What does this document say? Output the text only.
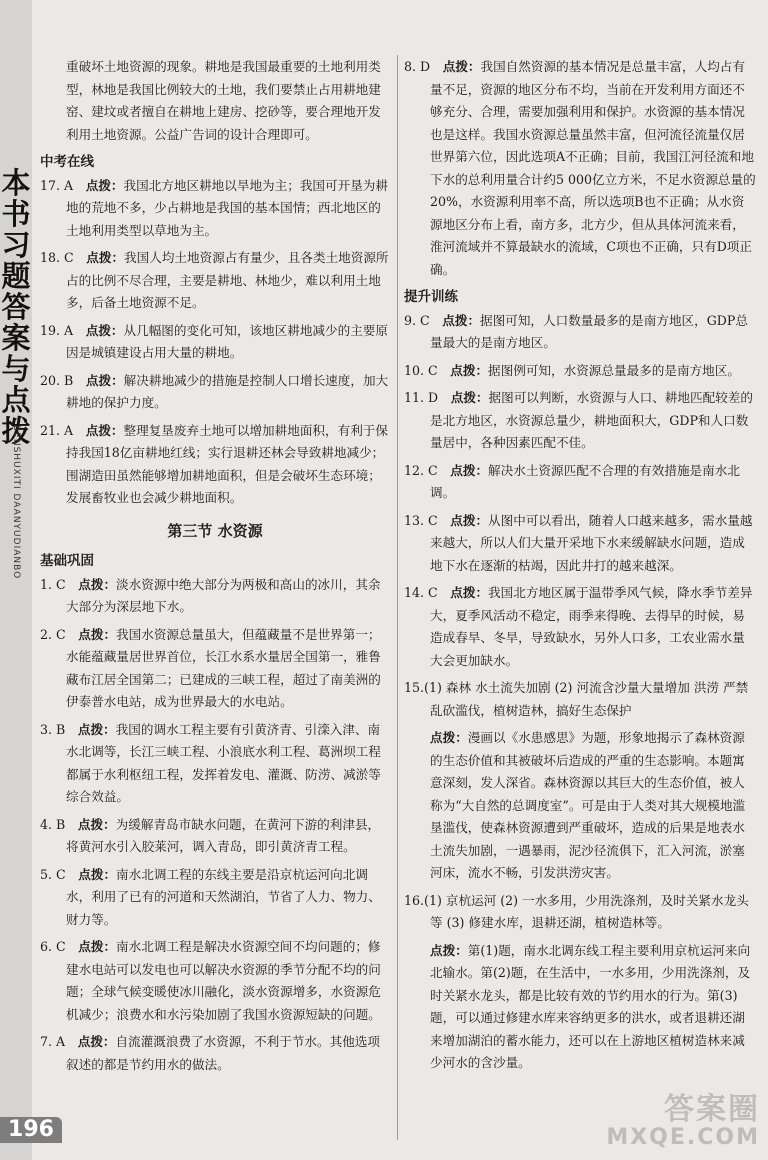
本
书
习
题
答
案
与
点
拨
BENSHUXITI DAANYUDIANBO
196

重破坏土地资源的现象。耕地是我国最重要的土地利用类型，林地是我国比例较大的土地，我们要禁止占用耕地建窑、建坟或者擅自在耕地上建房、挖砂等，要合理地开发利用土地资源。公益广告词的设计合理即可。

中考在线

17. A　 点拨：我国北方地区耕地以旱地为主；我国可开垦为耕地的荒地不多，少占耕地是我国的基本国情；西北地区的土地利用类型以草地为主。

18. C　 点拨：我国人均土地资源占有量少，且各类土地资源所占的比例不尽合理，主要是耕地、林地少，难以利用土地多，后备土地资源不足。

19. A　 点拨：从几幅图的变化可知，该地区耕地减少的主要原因是城镇建设占用大量的耕地。

20. B　 点拨：解决耕地减少的措施是控制人口增长速度，加大耕地的保护力度。

21. A　 点拨：整理复垦废弃土地可以增加耕地面积，有利于保持我国18亿亩耕地红线；实行退耕还林会导致耕地减少；围湖造田虽然能够增加耕地面积，但是会破坏生态环境；发展畜牧业也会减少耕地面积。

第三节 水资源
基础巩固

1. C　 点拨：淡水资源中绝大部分为两极和高山的冰川，其余大部分为深层地下水。

2. C　 点拨：我国水资源总量虽大，但蕴藏量不是世界第一；水能蕴藏量居世界首位，长江水系水量居全国第一，雅鲁藏布江居全国第二；已建成的三峡工程，超过了南美洲的伊泰普水电站，成为世界最大的水电站。

3. B　 点拨：我国的调水工程主要有引黄济青、引滦入津、南水北调等，长江三峡工程、小浪底水利工程、葛洲坝工程都属于水利枢纽工程，发挥着发电、灌溉、防涝、减淤等综合效益。

4. B　 点拨：为缓解青岛市缺水问题，在黄河下游的利津县，将黄河水引入胶莱河，调入青岛，即引黄济青工程。

5. C　 点拨：南水北调工程的东线主要是沿京杭运河向北调水，利用了已有的河道和天然湖泊，节省了人力、物力、财力等。

6. C　 点拨：南水北调工程是解决水资源空间不均问题的；修建水电站可以发电也可以解决水资源的季节分配不均的问题；全球气候变暖使冰川融化，淡水资源增多，水资源危机减少；浪费水和水污染加剧了我国水资源短缺的问题。

7. A　 点拨：自流灌溉浪费了水资源，不利于节水。其他选项叙述的都是节约用水的做法。

8. D　 点拨：我国自然资源的基本情况是总量丰富，人均占有量不足，资源的地区分布不均，当前在开发利用方面还不够充分、合理，需要加强利用和保护。水资源的基本情况也是这样。我国水资源总量虽然丰富，但河流径流量仅居世界第六位，因此选项A不正确；目前，我国江河径流和地下水的总利用量合计约5 000亿立方米，不足水资源总量的20%，水资源利用率不高，所以选项B也不正确；从水资源地区分布上看，南方多，北方少，但从具体河流来看，淮河流域并不算最缺水的流域，C项也不正确，只有D项正确。

提升训练

9. C　 点拨：据图可知，人口数量最多的是南方地区，GDP总量最大的是南方地区。

10. C　 点拨：据图例可知，水资源总量最多的是南方地区。

11. D　 点拨：据图可以判断，水资源与人口、耕地匹配较差的是北方地区，水资源总量少，耕地面积大，GDP和人口数量居中，各种因素匹配不佳。

12. C　 点拨：解决水土资源匹配不合理的有效措施是南水北调。

13. C　 点拨：从图中可以看出，随着人口越来越多，需水量越来越大，所以人们大量开采地下水来缓解缺水问题，造成地下水在逐渐的枯竭，因此井打的越来越深。

14. C　 点拨：我国北方地区属于温带季风气候，降水季节差异大，夏季风活动不稳定，雨季来得晚、去得早的时候，易造成春旱、冬旱，导致缺水，另外人口多，工农业需水量大会更加缺水。

15.(1) 森林 水土流失加剧 (2) 河流含沙量大量增加 洪涝 严禁乱砍滥伐，植树造林，搞好生态保护

点拨：漫画以《水患感思》为题，形象地揭示了森林资源的生态价值和其被破坏后造成的严重的生态影响。本题寓意深刻，发人深省。森林资源以其巨大的生态价值，被人称为“大自然的总调度室”。可是由于人类对其大规模地滥垦滥伐，使森林资源遭到严重破坏，造成的后果是地表水土流失加剧，一遇暴雨，泥沙径流俱下，汇入河流，淤塞河床，流水不畅，引发洪涝灾害。

16.(1) 京杭运河 (2) 一水多用，少用洗涤剂，及时关紧水龙头等 (3) 修建水库，退耕还湖，植树造林等。

点拨：第(1)题，南水北调东线工程主要利用京杭运河来向北输水。第(2)题，在生活中，一水多用，少用洗涤剂，及时关紧水龙头，都是比较有效的节约用水的行为。第(3)题，可以通过修建水库来容纳更多的洪水，或者退耕还湖来增加湖泊的蓄水能力，还可以在上游地区植树造林来减少河水的含沙量。

答案圈
MXQE.COM
